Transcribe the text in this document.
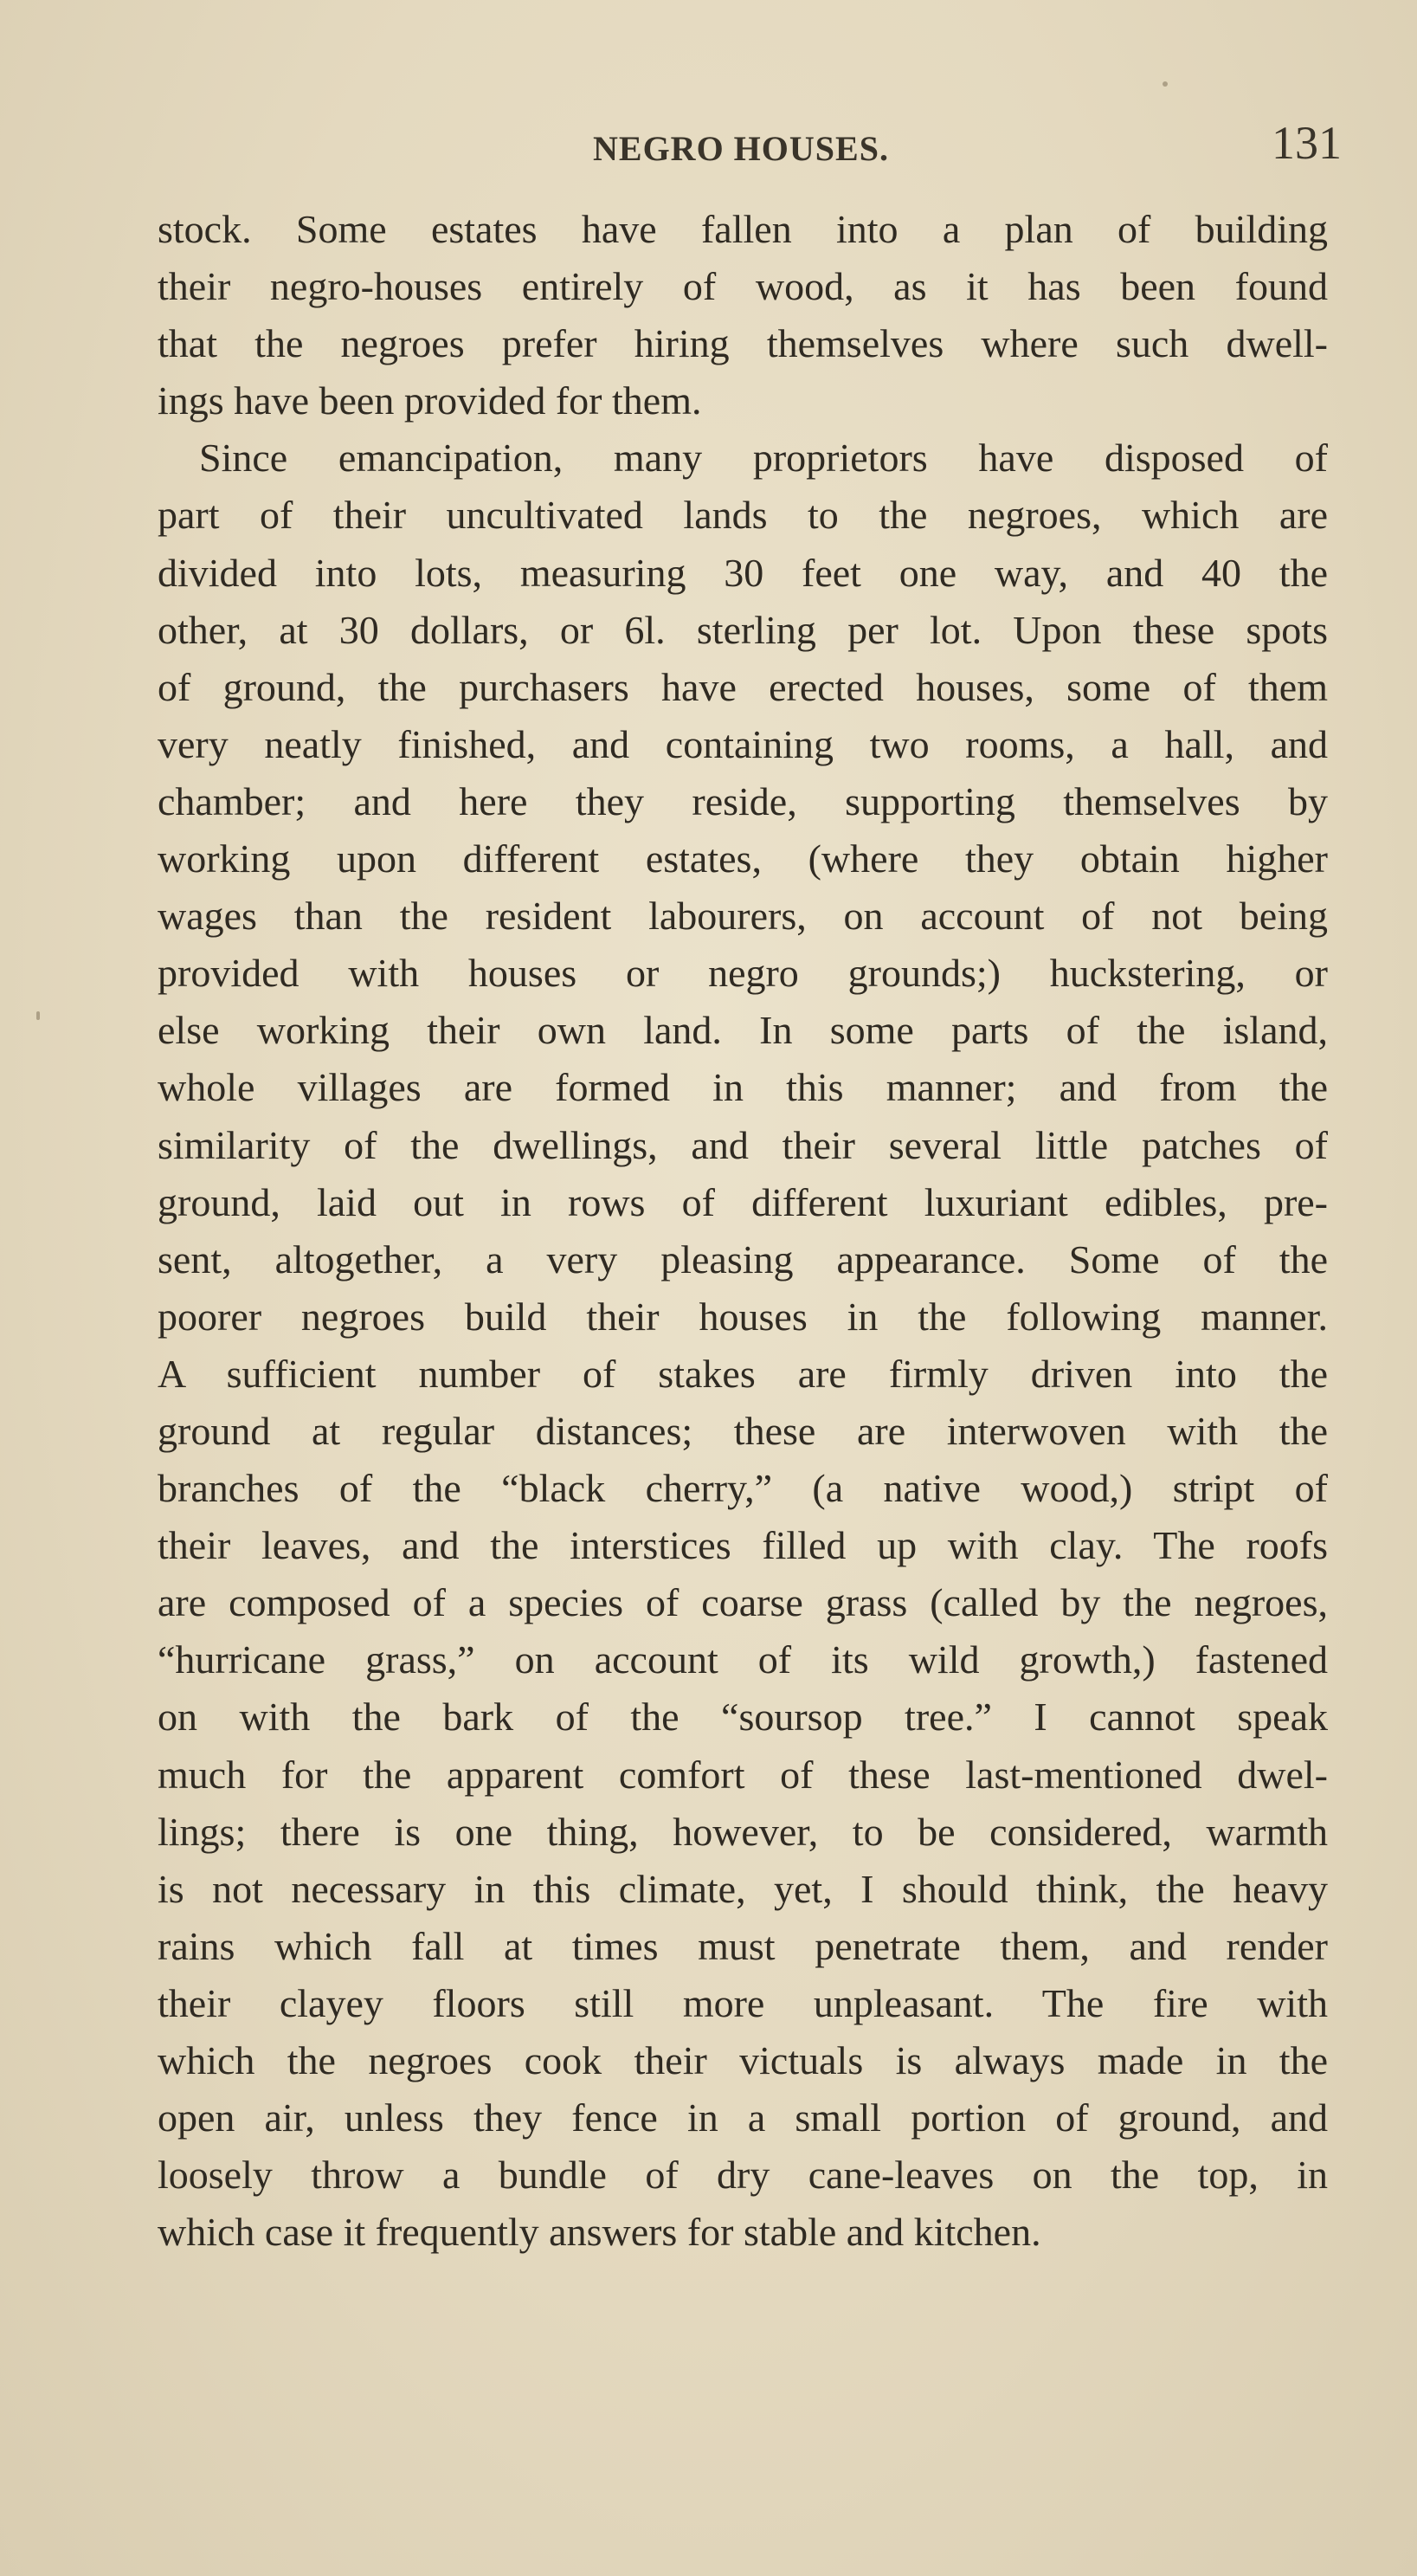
NEGRO HOUSES.	131
stock. Some estates have fallen into a plan of building
their negro-houses entirely of wood, as it has been found
that the negroes prefer hiring themselves where such dwell-
ings have been provided for them.
Since emancipation, many proprietors have disposed of
part of their uncultivated lands to the negroes, which are
divided into lots, measuring 30 feet one way, and 40 the
other, at 30 dollars, or 6l. sterling per lot. Upon these spots
of ground, the purchasers have erected houses, some of them
very neatly finished, and containing two rooms, a hall, and
chamber; and here they reside, supporting themselves by
working upon different estates, (where they obtain higher
wages than the resident labourers, on account of not being
provided with houses or negro grounds;) huckstering, or
else working their own land. In some parts of the island,
whole villages are formed in this manner; and from the
similarity of the dwellings, and their several little patches of
ground, laid out in rows of different luxuriant edibles, pre-
sent, altogether, a very pleasing appearance. Some of the
poorer negroes build their houses in the following manner.
A sufficient number of stakes are firmly driven into the
ground at regular distances; these are interwoven with the
branches of the “black cherry,” (a native wood,) stript of
their leaves, and the interstices filled up with clay. The roofs
are composed of a species of coarse grass (called by the negroes,
“hurricane grass,” on account of its wild growth,) fastened
on with the bark of the “soursop tree.” I cannot speak
much for the apparent comfort of these last-mentioned dwel-
lings; there is one thing, however, to be considered, warmth
is not necessary in this climate, yet, I should think, the heavy
rains which fall at times must penetrate them, and render
their clayey floors still more unpleasant. The fire with
which the negroes cook their victuals is always made in the
open air, unless they fence in a small portion of ground, and
loosely throw a bundle of dry cane-leaves on the top, in
which case it frequently answers for stable and kitchen.
